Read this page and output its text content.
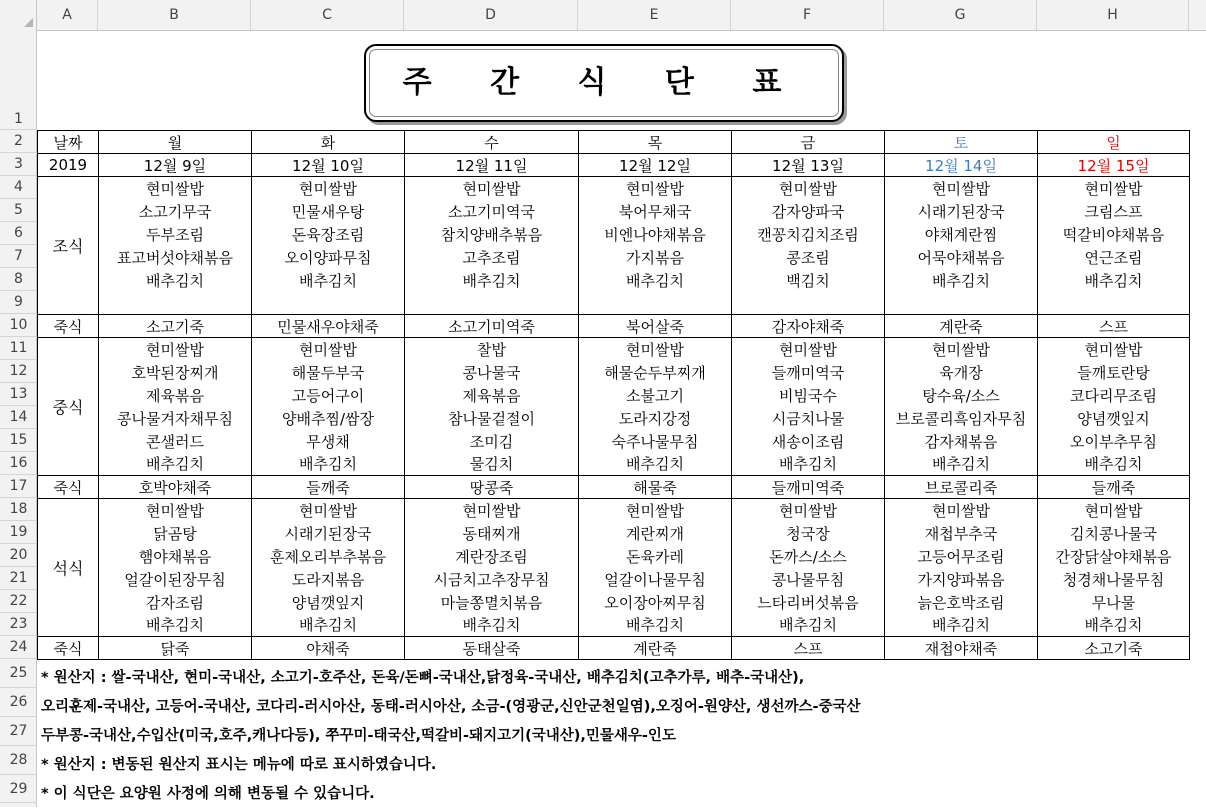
A	B	C	D	E	F	G	H
1
2
3
4
5
6
7
8
9
10
11
12
13
14
15
16
17
18
19
20
21
22
23
24
25
26
27
28
29
주 간 식 단 표
날짜	월	화	수	목	금	토	일
2019	12월 9일	12월 10일	12월 11일	12월 12일	12월 13일	12월 14일	12월 15일
조식	현미쌀밥	현미쌀밥	현미쌀밥	현미쌀밥	현미쌀밥	현미쌀밥	현미쌀밥
	소고기무국	민물새우탕	소고기미역국	북어무채국	감자양파국	시래기된장국	크림스프
	두부조림	돈육장조림	참치양배추볶음	비엔나야채볶음	캔꽁치김치조림	야채계란찜	떡갈비야채볶음
	표고버섯야채볶음	오이양파무침	고추조림	가지볶음	콩조림	어묵야채볶음	연근조림
	배추김치	배추김치	배추김치	배추김치	백김치	배추김치	배추김치

죽식	소고기죽	민물새우야채죽	소고기미역죽	북어살죽	감자야채죽	계란죽	스프
중식	현미쌀밥	현미쌀밥	찰밥	현미쌀밥	현미쌀밥	현미쌀밥	현미쌀밥
	호박된장찌개	해물두부국	콩나물국	해물순두부찌개	들깨미역국	육개장	들깨토란탕
	제육볶음	고등어구이	제육볶음	소불고기	비빔국수	탕수육/소스	코다리무조림
	콩나물겨자채무침	양배추찜/쌈장	참나물겉절이	도라지강정	시금치나물	브로콜리흑임자무침	양념깻잎지
	콘샐러드	무생채	조미김	숙주나물무침	새송이조림	감자채볶음	오이부추무침
	배추김치	배추김치	물김치	배추김치	배추김치	배추김치	배추김치
죽식	호박야채죽	들깨죽	땅콩죽	해물죽	들깨미역죽	브로콜리죽	들깨죽
석식	현미쌀밥	현미쌀밥	현미쌀밥	현미쌀밥	현미쌀밥	현미쌀밥	현미쌀밥
	닭곰탕	시래기된장국	동태찌개	계란찌개	청국장	재첩부추국	김치콩나물국
	햄야채볶음	훈제오리부추볶음	계란장조림	돈육카레	돈까스/소스	고등어무조림	간장닭살야채볶음
	얼갈이된장무침	도라지볶음	시금치고추장무침	얼갈이나물무침	콩나물무침	가지양파볶음	청경채나물무침
	감자조림	양념깻잎지	마늘쫑멸치볶음	오이장아찌무침	느타리버섯볶음	늙은호박조림	무나물
	배추김치	배추김치	배추김치	배추김치	배추김치	배추김치	배추김치
죽식	닭죽	야채죽	동태살죽	계란죽	스프	재첩야채죽	소고기죽
* 원산지 : 쌀-국내산, 현미-국내산, 소고기-호주산, 돈육/돈뼈-국내산,닭정육-국내산, 배추김치(고추가루, 배추-국내산),
오리훈제-국내산, 고등어-국내산, 코다리-러시아산, 동태-러시아산, 소금-(영광군,신안군천일염),오징어-원양산, 생선까스-중국산
두부콩-국내산,수입산(미국,호주,캐나다등), 쭈꾸미-태국산,떡갈비-돼지고기(국내산),민물새우-인도
* 원산지 : 변동된 원산지 표시는 메뉴에 따로 표시하였습니다.
* 이 식단은 요양원 사정에 의해 변동될 수 있습니다.
